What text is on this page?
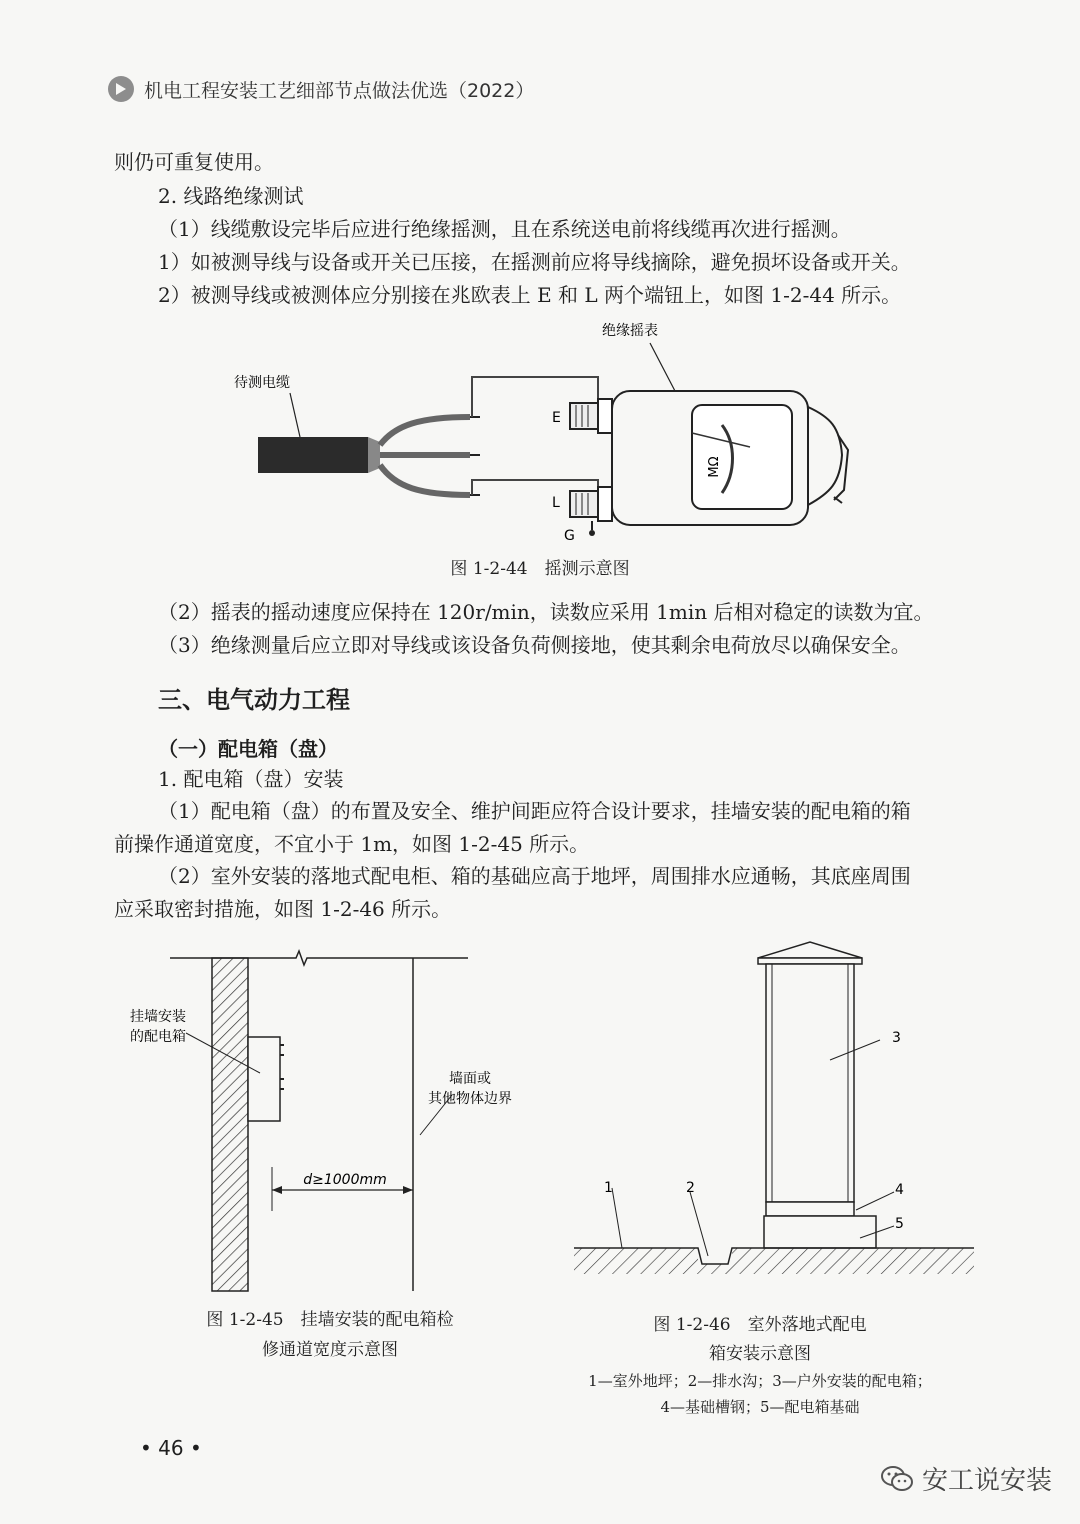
机电工程安装工艺细部节点做法优选（2022）
则仍可重复使用。
2. 线路绝缘测试
（1）线缆敷设完毕后应进行绝缘摇测，且在系统送电前将线缆再次进行摇测。
1）如被测导线与设备或开关已压接，在摇测前应将导线摘除，避免损坏设备或开关。
2）被测导线或被测体应分别接在兆欧表上 E 和 L 两个端钮上，如图 1-2-44 所示。
待测电缆
绝缘摇表
E
L
G
MΩ
图 1-2-44　摇测示意图
（2）摇表的摇动速度应保持在 120r/min，读数应采用 1min 后相对稳定的读数为宜。
（3）绝缘测量后应立即对导线或该设备负荷侧接地，使其剩余电荷放尽以确保安全。
三、电气动力工程
（一）配电箱（盘）
1. 配电箱（盘）安装
（1）配电箱（盘）的布置及安全、维护间距应符合设计要求，挂墙安装的配电箱的箱
前操作通道宽度，不宜小于 1m，如图 1-2-45 所示。
（2）室外安装的落地式配电柜、箱的基础应高于地坪，周围排水应通畅，其底座周围
应采取密封措施，如图 1-2-46 所示。
挂墙安装
的配电箱
墙面或
其他物体边界
d≥1000mm
图 1-2-45　挂墙安装的配电箱检
修通道宽度示意图
3
4
5
1	2
图 1-2-46　室外落地式配电
箱安装示意图
1—室外地坪；2—排水沟；3—户外安装的配电箱；
4—基础槽钢；5—配电箱基础
• 46 •
安工说安装
